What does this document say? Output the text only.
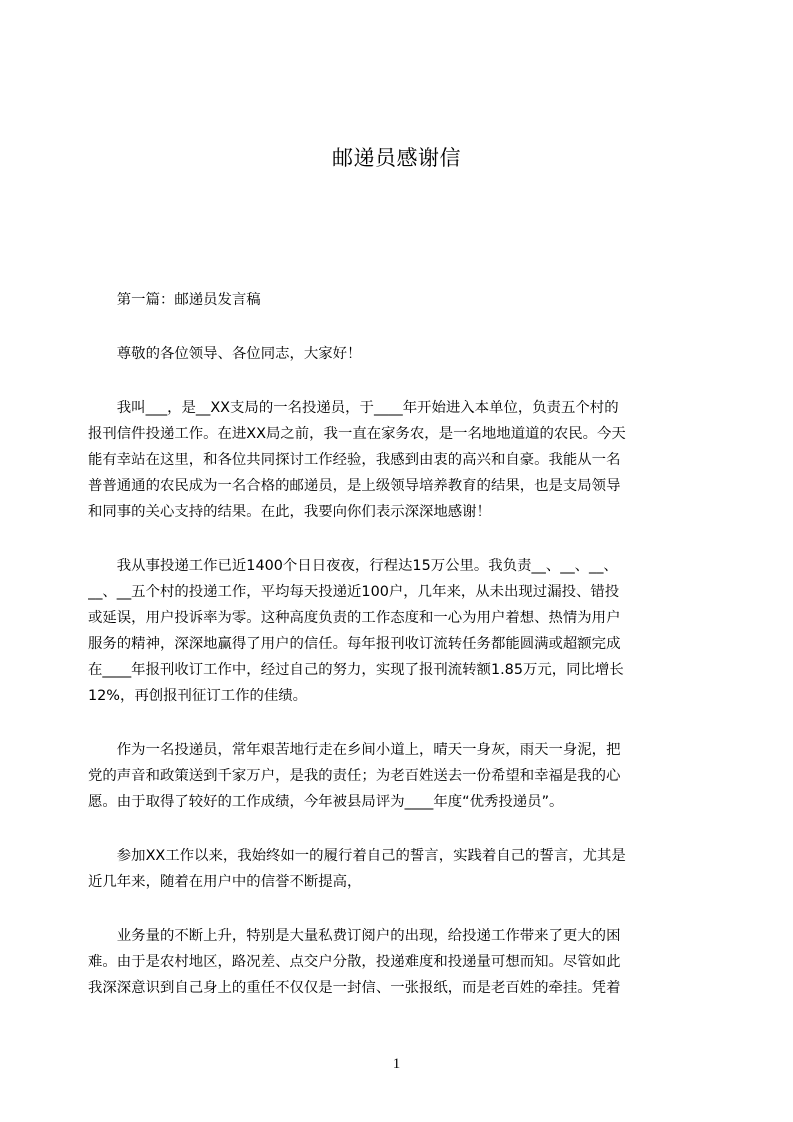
邮递员感谢信
　　第一篇：邮递员发言稿
　　尊敬的各位领导、各位同志，大家好！
　　我叫___，是__XX支局的一名投递员，于____年开始进入本单位，负责五个村的
报刊信件投递工作。在进XX局之前，我一直在家务农，是一名地地道道的农民。今天
能有幸站在这里，和各位共同探讨工作经验，我感到由衷的高兴和自豪。我能从一名
普普通通的农民成为一名合格的邮递员，是上级领导培养教育的结果，也是支局领导
和同事的关心支持的结果。在此，我要向你们表示深深地感谢！
　　我从事投递工作已近1400个日日夜夜，行程达15万公里。我负责__、__、__、
__、__五个村的投递工作，平均每天投递近100户，几年来，从未出现过漏投、错投
或延误，用户投诉率为零。这种高度负责的工作态度和一心为用户着想、热情为用户
服务的精神，深深地赢得了用户的信任。每年报刊收订流转任务都能圆满或超额完成
在____年报刊收订工作中，经过自己的努力，实现了报刊流转额1.85万元，同比增长
12%，再创报刊征订工作的佳绩。
　　作为一名投递员，常年艰苦地行走在乡间小道上，晴天一身灰，雨天一身泥，把
党的声音和政策送到千家万户，是我的责任；为老百姓送去一份希望和幸福是我的心
愿。由于取得了较好的工作成绩，今年被县局评为____年度“优秀投递员”。
　　参加XX工作以来，我始终如一的履行着自己的誓言，实践着自己的誓言，尤其是
近几年来，随着在用户中的信誉不断提高，
　　业务量的不断上升，特别是大量私费订阅户的出现，给投递工作带来了更大的困
难。由于是农村地区，路况差、点交户分散，投递难度和投递量可想而知。尽管如此
我深深意识到自己身上的重任不仅仅是一封信、一张报纸，而是老百姓的牵挂。凭着
1
